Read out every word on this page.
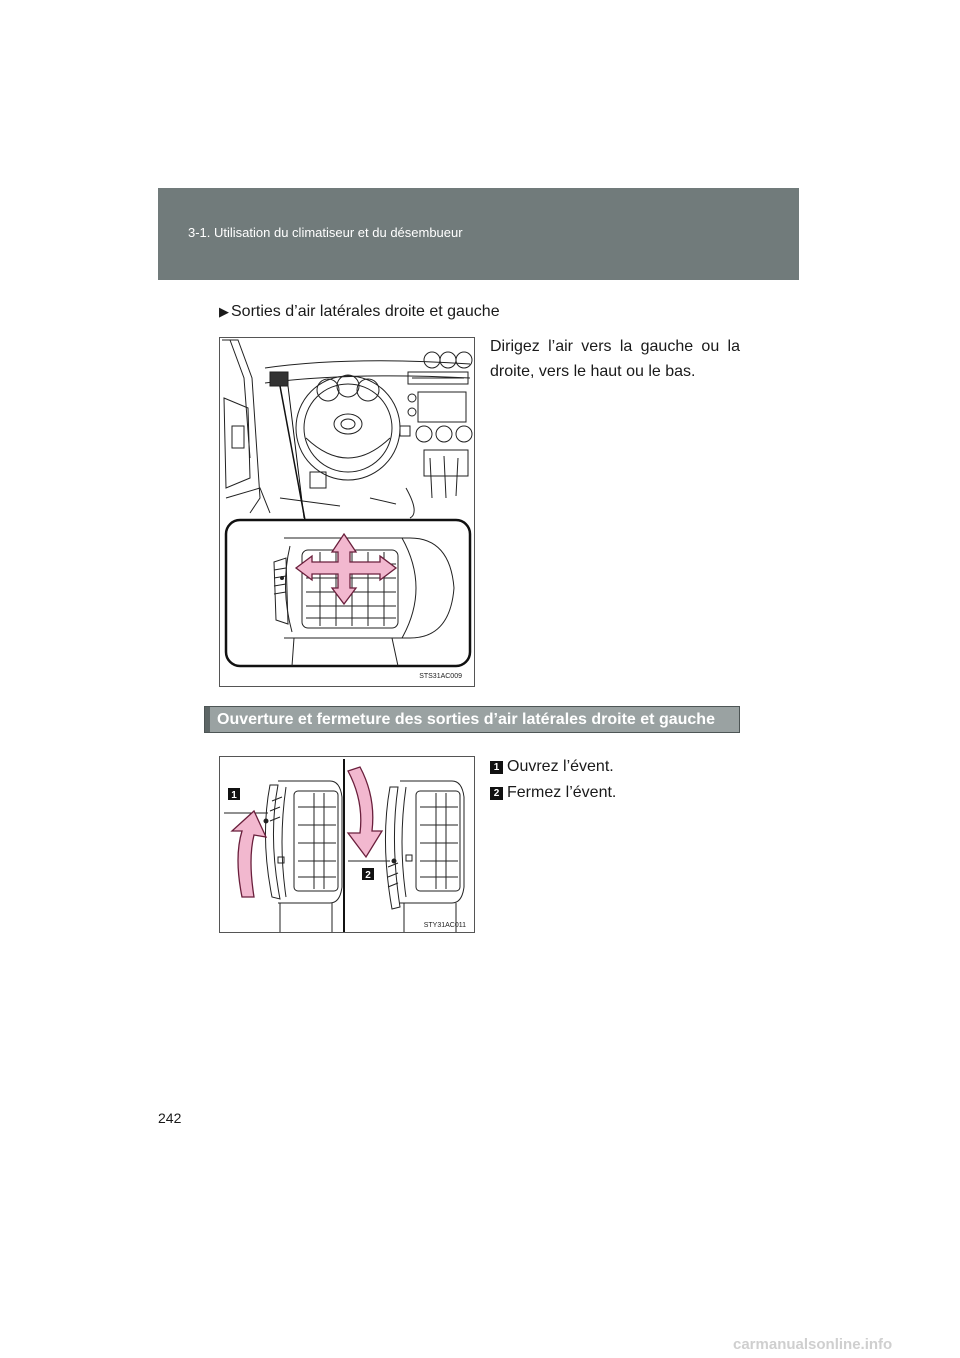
3-1. Utilisation du climatiseur et du désembueur
▶ Sorties d’air latérales droite et gauche
Dirigez l’air vers la gauche ou la droite, vers le haut ou le bas.
STS31AC009
Ouverture et fermeture des sorties d’air latérales droite et gauche
1
2
STY31AC011
1 Ouvrez l’évent.
2 Fermez l’évent.
242
carmanualsonline.info
